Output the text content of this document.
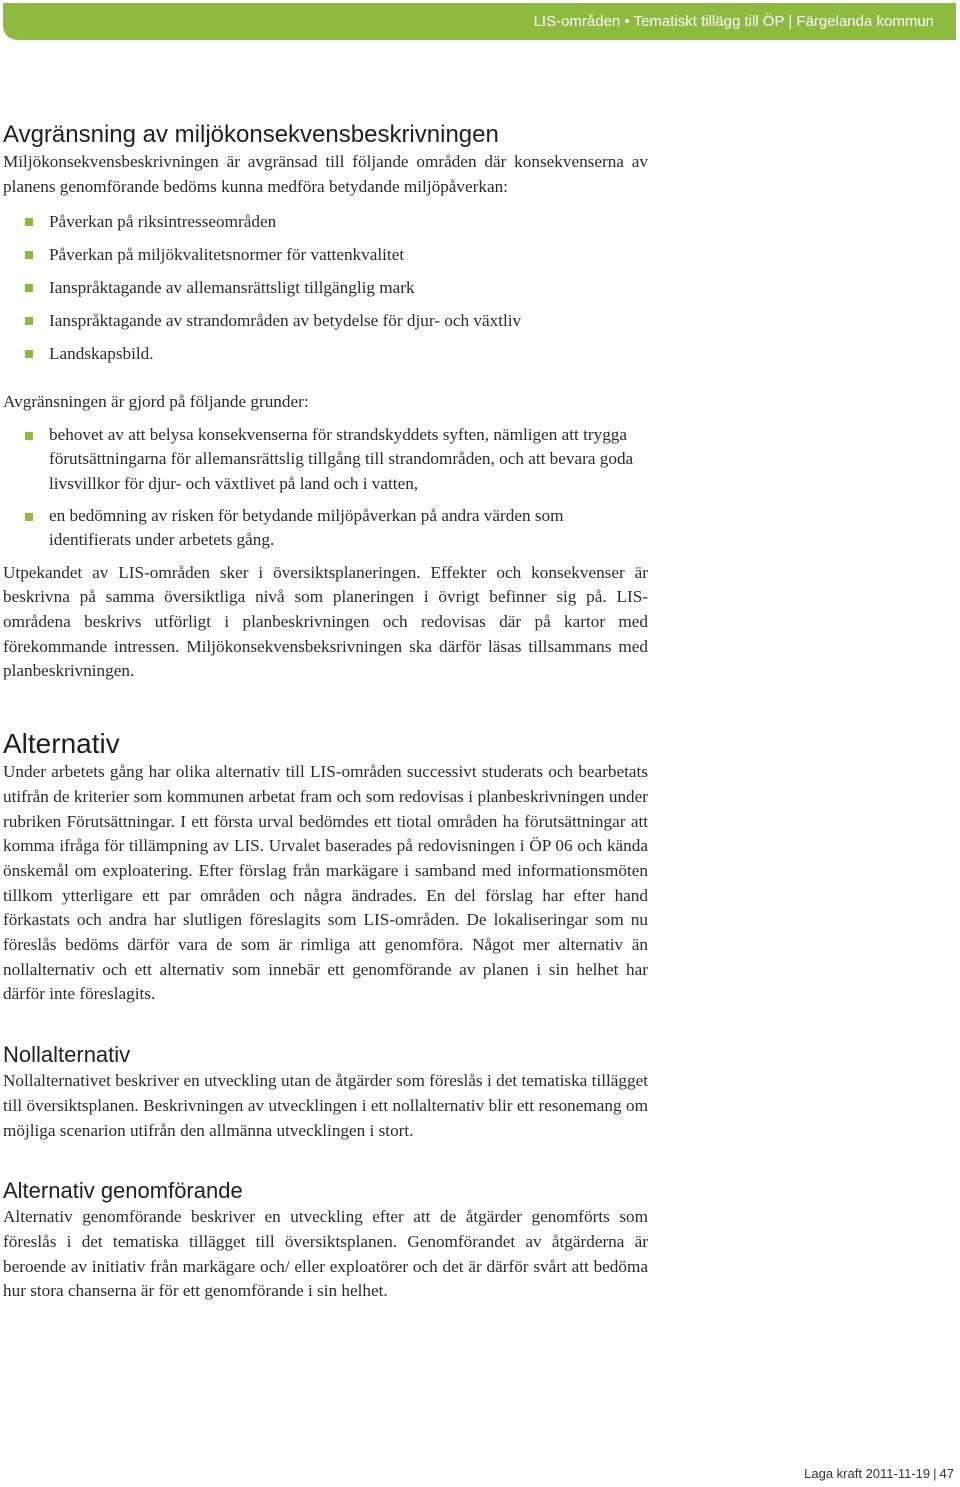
LIS-områden • Tematiskt tillägg till ÖP | Färgelanda kommun
Avgränsning av miljökonsekvensbeskrivningen

Miljökonsekvensbeskrivningen är avgränsad till följande områden där konsekvenserna av planens genomförande bedöms kunna medföra betydande miljöpåverkan:

Påverkan på riksintresseområden
Påverkan på miljökvalitetsnormer för vattenkvalitet
Ianspråktagande av allemansrättsligt tillgänglig mark
Ianspråktagande av strandområden av betydelse för djur- och växtliv
Landskapsbild.

Avgränsningen är gjord på följande grunder:

behovet av att belysa konsekvenserna för strandskyddets syften, nämligen att trygga förutsättningarna för allemansrättslig tillgång till strandområden, och att bevara goda livsvillkor för djur- och växtlivet på land och i vatten,
en bedömning av risken för betydande miljöpåverkan på andra värden som identifierats under arbetets gång.

Utpekandet av LIS-områden sker i översiktsplaneringen. Effekter och konsekvenser är beskrivna på samma översiktliga nivå som planeringen i övrigt befinner sig på. LIS-områdena beskrivs utförligt i planbeskrivningen och redovisas där på kartor med förekommande intressen. Miljökonsekvensbeksrivningen ska därför läsas tillsammans med planbeskrivningen.

Alternativ

Under arbetets gång har olika alternativ till LIS-områden successivt studerats och bearbetats utifrån de kriterier som kommunen arbetat fram och som redovisas i planbeskrivningen under rubriken Förutsättningar. I ett första urval bedömdes ett tiotal områden ha förutsättningar att komma ifråga för tillämpning av LIS. Urvalet baserades på redovisningen i ÖP 06 och kända önskemål om exploatering. Efter förslag från markägare i samband med informationsmöten tillkom ytterligare ett par områden och några ändrades. En del förslag har efter hand förkastats och andra har slutligen föreslagits som LIS-områden. De lokaliseringar som nu föreslås bedöms därför vara de som är rimliga att genomföra. Något mer alternativ än nollalternativ och ett alternativ som innebär ett genomförande av planen i sin helhet har därför inte föreslagits.

Nollalternativ

Nollalternativet beskriver en utveckling utan de åtgärder som föreslås i det tematiska tillägget till översiktsplanen. Beskrivningen av utvecklingen i ett nollalternativ blir ett resonemang om möjliga scenarion utifrån den allmänna utvecklingen i stort.

Alternativ genomförande

Alternativ genomförande beskriver en utveckling efter att de åtgärder genomförts som föreslås i det tematiska tillägget till översiktsplanen. Genomförandet av åtgärderna är beroende av initiativ från markägare och/ eller exploatörer och det är därför svårt att bedöma hur stora chanserna är för ett genomförande i sin helhet.

Laga kraft 2011-11-19 | 47
